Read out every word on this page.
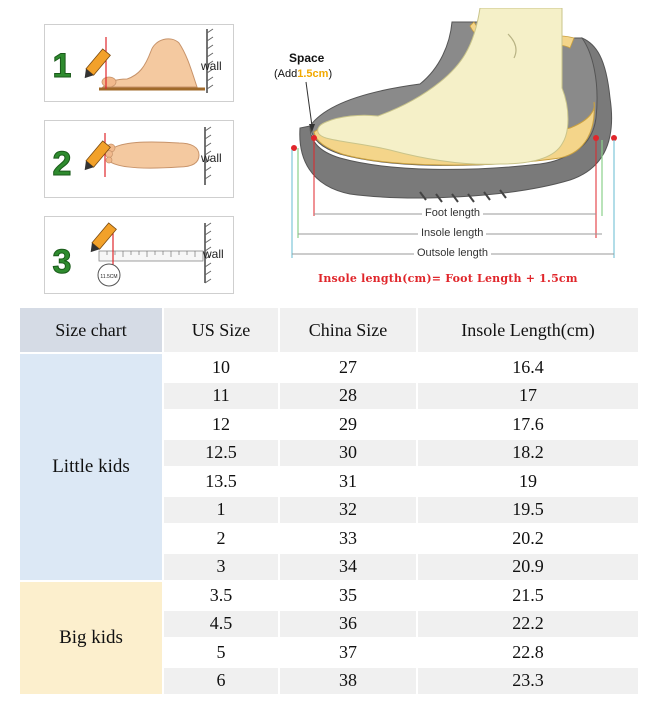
1	wall
2	wall
3	11.5CM
wall
Space
(Add1.5cm)
Foot length
Insole length
Outsole length
Insole length(cm)= Foot Length + 1.5cm
Size chart	US Size	China Size	Insole Length(cm)
Little kids	10	27	16.4
	11	28	17
	12	29	17.6
	12.5	30	18.2
	13.5	31	19
	1	32	19.5
	2	33	20.2
	3	34	20.9
Big kids	3.5	35	21.5
	4.5	36	22.2
	5	37	22.8
	6	38	23.3
